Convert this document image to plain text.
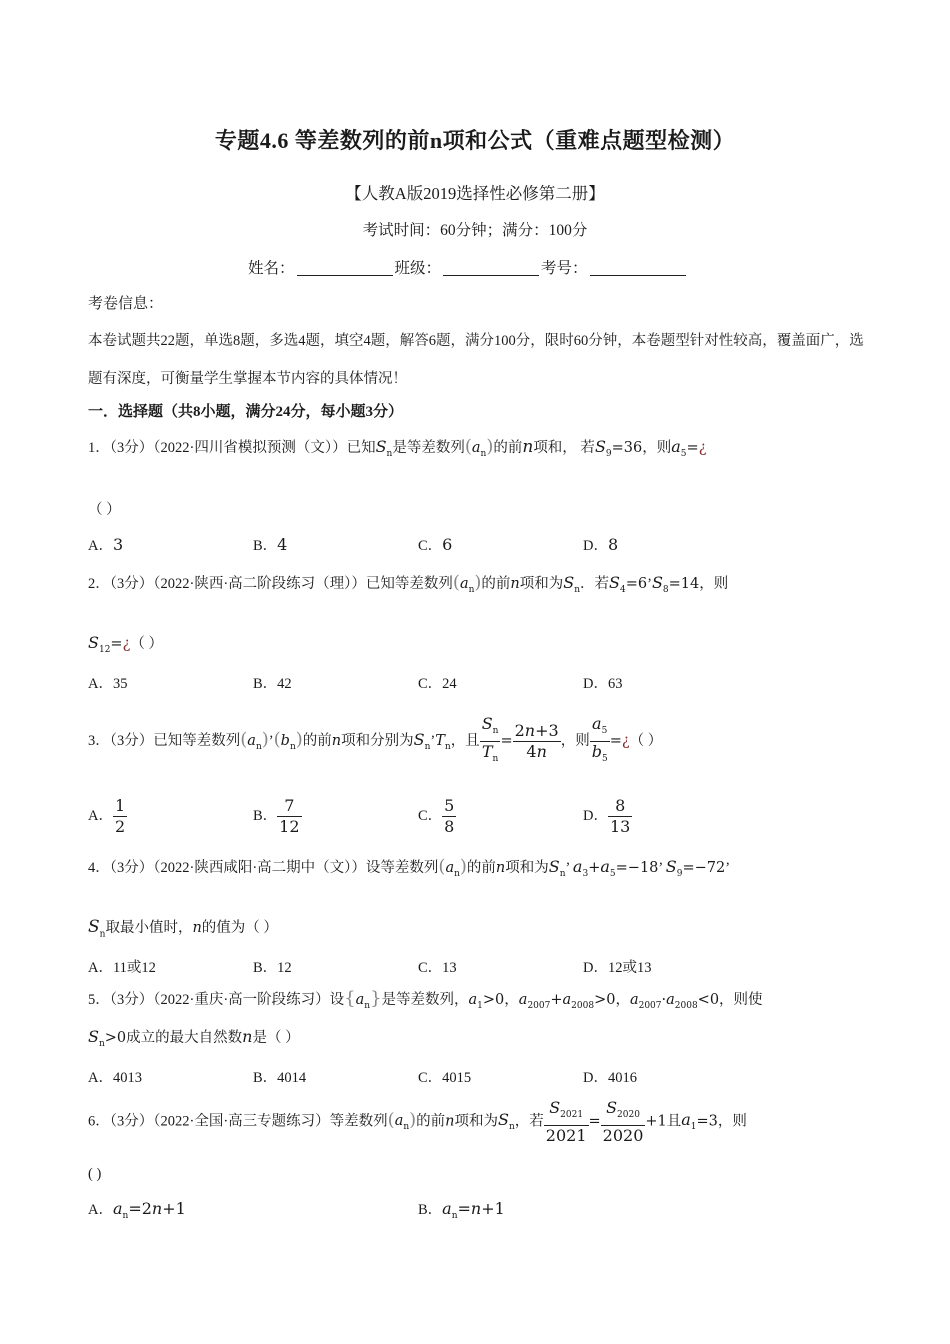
专题4.6 等差数列的前n项和公式（重难点题型检测）
【人教A版2019选择性必修第二册】
考试时间：60分钟；满分：100分
姓名：	班级：	考号：
考卷信息：
本卷试题共22题，单选8题，多选4题，填空4题，解答6题，满分100分，限时60分钟，本卷题型针对性较高，覆盖面广，选题有深度，可衡量学生掌握本节内容的具体情况！
一．选择题（共8小题，满分24分，每小题3分）
1．（3分）（2022·四川省模拟预测（文））已知$S_n$是等差数列$(a_n)$的前n项和， 若$S_9=36$，则$a_5=¿$
（ ）
A．3	B．4	C．6	D．8
2．（3分）（2022·陕西·高二阶段练习（理））已知等差数列$(a_n)$的前n项和为$S_n$．若$S_4=6’S_8=14$，则
$S_{12}=¿$（ ）
A．35	B．42	C．24	D．63
3．（3分）已知等差数列$(a_n)’(b_n)$的前n项和分别为$S_n’T_n$，且 $\frac{S_n}{T_n} = \frac{2n+3}{4n}$ ，则 $\frac{a_5}{b_5}$ =¿（ ）
A． $\frac{1}{2}$	B． $\frac{7}{12}$	C． $\frac{5}{8}$	D． $\frac{8}{13}$
4．（3分）（2022·陕西咸阳·高二期中（文））设等差数列$(a_n)$的前n项和为$S_n$’ $a_3+a_5=-18$’ $S_9=-72$’
$S_n$取最小值时，n的值为（ ）
A．11或12	B．12	C．13	D．12或13
5．（3分）（2022·重庆·高一阶段练习）设$\{a_n\}$是等差数列，$a_1>0$，$a_{2007}+a_{2008}>0$，$a_{2007}\cdot a_{2008}<0$，则使
$S_n>0$成立的最大自然数n是（ ）
A．4013	B．4014	C．4015	D．4016
6．（3分）（2022·全国·高三专题练习）等差数列$(a_n)$的前n项和为$S_n$，若 $\frac{S_{2021}}{2021} = \frac{S_{2020}}{2020} +1$且$a_1=3$，则
( )
A．$a_n=2n+1$	B．$a_n=n+1$
